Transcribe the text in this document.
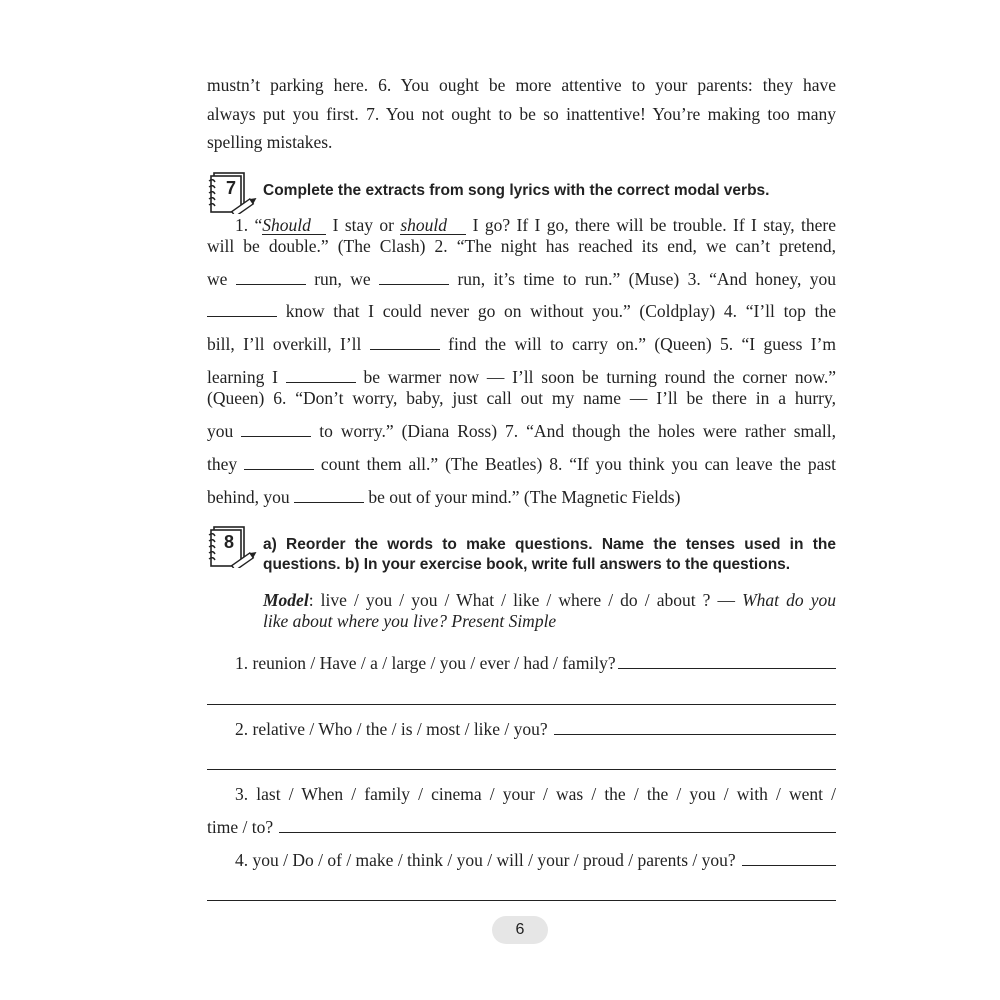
mustn’t parking here. 6. You ought be more attentive to your parents: they have
always put you first. 7. You not ought to be so inattentive! You’re making too many
spelling mistakes.
7 Complete the extracts from song lyrics with the correct modal verbs.
1. “Should I stay or should I go? If I go, there will be trouble. If I stay, there
will be double.” (The Clash) 2. “The night has reached its end, we can’t pretend,
we	run, we	run, it’s time to run.” (Muse) 3. “And honey, you
know that I could never go on without you.” (Coldplay) 4. “I’ll top the
bill, I’ll overkill, I’ll	find the will to carry on.” (Queen) 5. “I guess I’m
learning I	be warmer now — I’ll soon be turning round the corner now.”
(Queen) 6. “Don’t worry, baby, just call out my name — I’ll be there in a hurry,
you	to worry.” (Diana Ross) 7. “And though the holes were rather small,
they	count them all.” (The Beatles) 8. “If you think you can leave the past
behind, you	be out of your mind.” (The Magnetic Fields)
8 a) Reorder the words to make questions. Name the tenses used in the
questions. b) In your exercise book, write full answers to the questions.
Model: live / you / you / What / like / where / do / about ? — What do you
like about where you live? Present Simple
1. reunion / Have / a / large / you / ever / had / family?
2. relative / Who / the / is / most / like / you?
3. last / When / family / cinema / your / was / the / the / you / with / went /
time / to?
4. you / Do / of / make / think / you / will / your / proud / parents / you?
6
